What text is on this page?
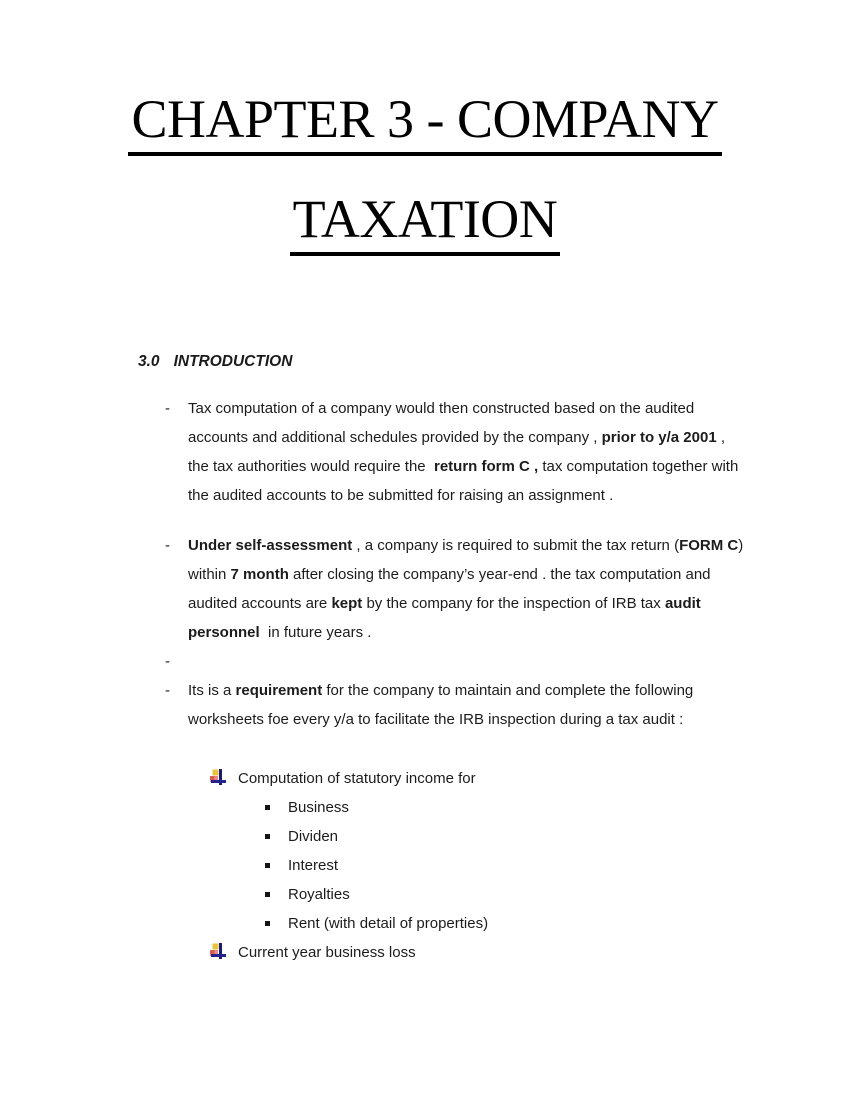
CHAPTER 3 - COMPANY
TAXATION
3.0 INTRODUCTION
- Tax computation of a company would then constructed based on the audited accounts and additional schedules provided by the company , prior to y/a 2001 , the tax authorities would require the  return form C , tax computation together with the audited accounts to be submitted for raising an assignment .
- Under self-assessment , a company is required to submit the tax return (FORM C) within 7 month after closing the company’s year-end . the tax computation and audited accounts are kept by the company for the inspection of IRB tax audit personnel  in future years .
-
- Its is a requirement for the company to maintain and complete the following worksheets foe every y/a to facilitate the IRB inspection during a tax audit :
Computation of statutory income for
Business
Dividen
Interest
Royalties
Rent (with detail of properties)
Current year business loss
